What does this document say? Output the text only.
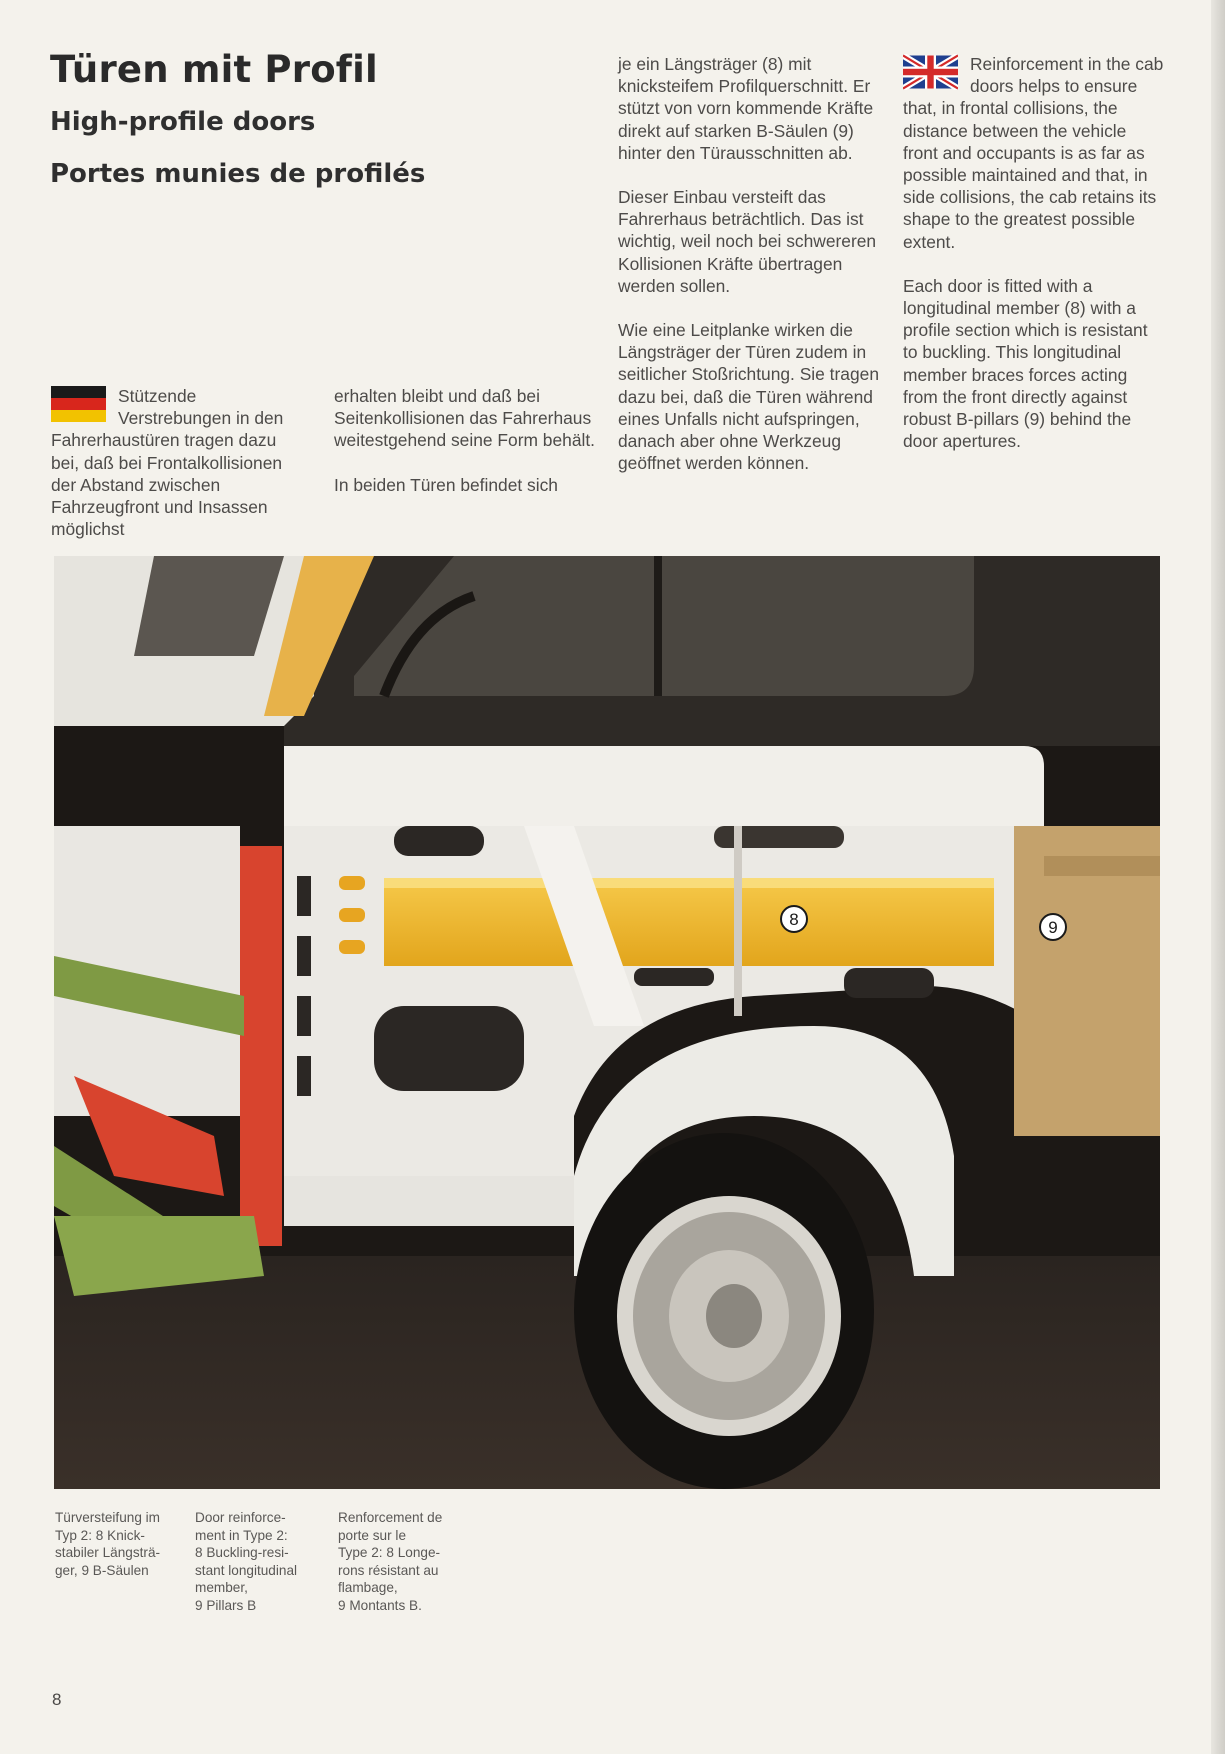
Türen mit Profil
High-profile doors
Portes munies de profilés

Stützende Verstrebungen in den Fahrerhaustüren tragen dazu bei, daß bei Frontalkollisionen der Abstand zwischen Fahrzeugfront und Insassen möglichst

erhalten bleibt und daß bei Seitenkollisionen das Fahrerhaus weitestgehend seine Form behält.

In beiden Türen befindet sich

je ein Längsträger (8) mit knicksteifem Profilquerschnitt. Er stützt von vorn kommende Kräfte direkt auf starken B-Säulen (9) hinter den Türausschnitten ab.

Dieser Einbau versteift das Fahrerhaus beträchtlich. Das ist wichtig, weil noch bei schwereren Kollisionen Kräfte übertragen werden sollen.

Wie eine Leitplanke wirken die Längsträger der Türen zudem in seitlicher Stoßrichtung. Sie tragen dazu bei, daß die Türen während eines Unfalls nicht aufspringen, danach aber ohne Werkzeug geöffnet werden können.

Reinforcement in the cab doors helps to ensure that, in frontal collisions, the distance between the vehicle front and occupants is as far as possible maintained and that, in side collisions, the cab retains its shape to the greatest possible extent.

Each door is fitted with a longitudinal member (8) with a profile section which is resistant to buckling. This longitudinal member braces forces acting from the front directly against robust B-pillars (9) behind the door apertures.

8	9
Türversteifung im
Typ 2: 8 Knick-
stabiler Längsträ-
ger, 9 B-Säulen
Door reinforce-
ment in Type 2:
8 Buckling-resi-
stant longitudinal
member,
9 Pillars B
Renforcement de
porte sur le
Type 2: 8 Longe-
rons résistant au
flambage,
9 Montants B.
8
